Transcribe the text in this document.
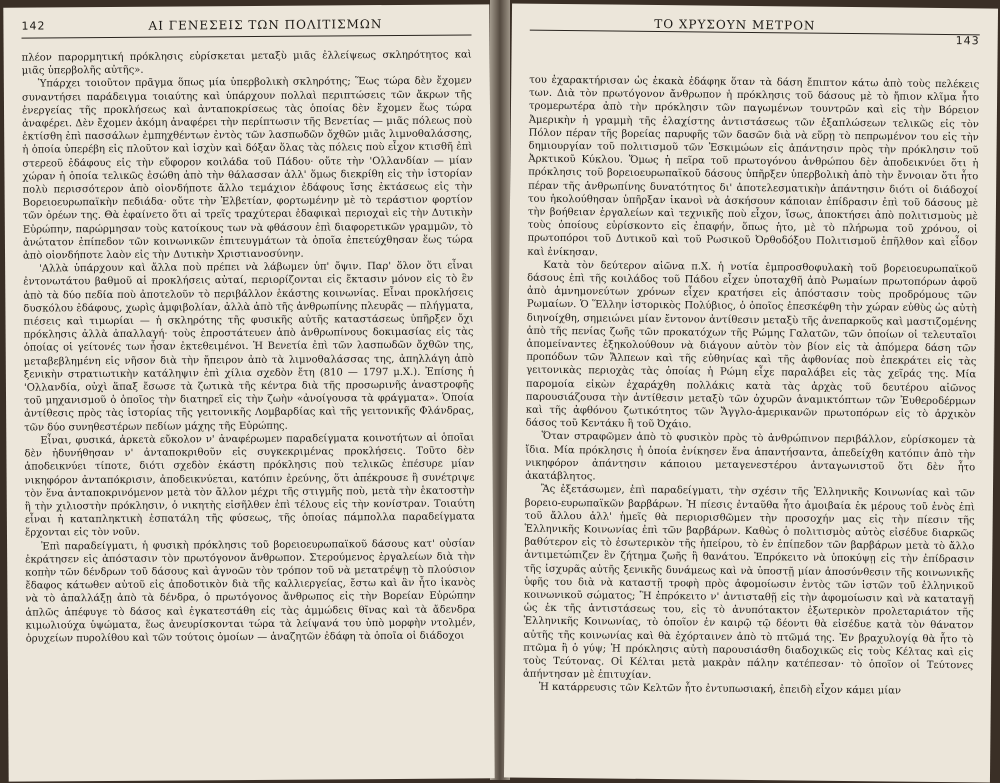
142	ΑΙ ΓΕΝΕΣΕΙΣ ΤΩΝ ΠΟΛΙΤΙΣΜΩΝ

πλέον παρορμητική πρόκλησις εὑρίσκεται μεταξὺ μιᾶς ἐλλείψεως σκληρότητος καὶ μιᾶς ὑπερβολῆς αὐτῆς».

Ὑπάρχει τοιοῦτον πρᾶγμα ὅπως μία ὑπερβολικὴ σκληρότης; Ἕως τώρα δὲν ἔχομεν συναντήσει παράδειγμα τοιαύτης καὶ ὑπάρχουν πολλαὶ περιπτώσεις τῶν ἄκρων τῆς ἐνεργείας τῆς προκλήσεως καὶ ἀνταποκρίσεως τὰς ὁποίας δὲν ἔχομεν ἕως τώρα ἀναφέρει. Δὲν ἔχομεν ἀκόμη ἀναφέρει τὴν περίπτωσιν τῆς Βενετίας — μιᾶς πόλεως ποὺ ἐκτίσθη ἐπὶ πασσάλων ἐμπηχθέντων ἐντὸς τῶν λασπωδῶν ὄχθῶν μιᾶς λιμνοθαλάσσης, ἡ ὁποία ὑπερέβη εἰς πλοῦτον καὶ ἰσχὺν καὶ δόξαν ὅλας τὰς πόλεις ποὺ εἶχον κτισθῆ ἐπὶ στερεοῦ ἐδάφους εἰς τὴν εὔφορον κοιλάδα τοῦ Πάδου· οὔτε τὴν 'Ολλανδίαν — μίαν χώραν ἡ ὁποία τελικῶς ἐσώθη ἀπὸ τὴν θάλασσαν ἀλλ' ὅμως διεκρίθη εἰς τὴν ἱστορίαν πολὺ περισσότερον ἀπὸ οἱονδήποτε ἄλλο τεμάχιον ἐδάφους ἴσης ἐκτάσεως εἰς τὴν Βορειοευρωπαϊκὴν πεδιάδα· οὔτε τὴν Ἑλβετίαν, φορτωμένην μὲ τὸ τεράστιον φορτίον τῶν ὀρέων της. Θὰ ἐφαίνετο ὅτι αἱ τρεῖς τραχύτεραι ἐδαφικαὶ περιοχαὶ εἰς τὴν Δυτικὴν Εὐρώπην, παρώρμησαν τοὺς κατοίκους των νὰ φθάσουν ἐπὶ διαφορετικῶν γραμμῶν, τὸ ἀνώτατον ἐπίπεδον τῶν κοινωνικῶν ἐπιτευγμάτων τὰ ὁποῖα ἐπετεύχθησαν ἕως τώρα ἀπὸ οἱονδήποτε λαὸν εἰς τὴν Δυτικὴν Χριστιανοσύνην.

'Αλλὰ ὑπάρχουν καὶ ἄλλα ποὺ πρέπει νὰ λάβωμεν ὑπ' ὄψιν. Παρ' ὅλον ὅτι εἶναι ἐντονωτάτου βαθμοῦ αἱ προκλήσεις αὐταί, περιορίζονται εἰς ἔκτασιν μόνον εἰς τὸ ἓν ἀπὸ τὰ δύο πεδία ποὺ ἀποτελοῦν τὸ περιβάλλον ἑκάστης κοινωνίας. Εἶναι προκλήσεις δυσκόλου ἐδάφους, χωρὶς ἀμφιβολίαν, ἀλλὰ ἀπὸ τῆς ἀνθρωπίνης πλευρᾶς — πλήγματα, πιέσεις καὶ τιμωρίαι — ἡ σκληρότης τῆς φυσικῆς αὐτῆς καταστάσεως ὑπῆρξεν ὄχι πρόκλησις ἀλλὰ ἀπαλλαγή· τοὺς ἐπροστάτευεν ἀπὸ ἀνθρωπίνους δοκιμασίας εἰς τὰς ὁποίας οἱ γείτονές των ἦσαν ἐκτεθειμένοι. Ἡ Βενετία ἐπὶ τῶν λασπωδῶν ὄχθῶν της, μεταβεβλημένη εἰς νῆσον διὰ τὴν ἤπειρον ἀπὸ τὰ λιμνοθαλάσσας της, ἀπηλλάγη ἀπὸ ξενικὴν στρατιωτικὴν κατάληψιν ἐπὶ χίλια σχεδὸν ἔτη (810 — 1797 μ.Χ.). Ἐπίσης ἡ 'Ολλανδία, οὐχὶ ἅπαξ ἔσωσε τὰ ζωτικὰ τῆς κέντρα διὰ τῆς προσωρινῆς ἀναστροφῆς τοῦ μηχανισμοῦ ὁ ὁποῖος τὴν διατηρεῖ εἰς τὴν ζωὴν «ἀνοίγουσα τὰ φράγματα». Ὁποία ἀντίθεσις πρὸς τὰς ἱστορίας τῆς γειτονικῆς Λομβαρδίας καὶ τῆς γειτονικῆς Φλάνδρας, τῶν δύο συνηθεστέρων πεδίων μάχης τῆς Εὐρώπης.

Εἶναι, φυσικά, ἀρκετὰ εὔκολον ν' ἀναφέρωμεν παραδείγματα κοινοτήτων αἱ ὁποῖαι δὲν ἠδυνήθησαν ν' ἀνταποκριθοῦν εἰς συγκεκριμένας προκλήσεις. Τοῦτο δὲν ἀποδεικνύει τίποτε, διότι σχεδὸν ἑκάστη πρόκλησις ποὺ τελικῶς ἐπέσυρε μίαν νικηφόρον ἀνταπόκρισιν, ἀποδεικνύεται, κατόπιν ἐρεύνης, ὅτι ἀπέκρουσε ἢ συνέτριψε τὸν ἕνα ἀνταποκρινόμενον μετὰ τὸν ἄλλον μέχρι τῆς στιγμῆς ποὺ, μετὰ τὴν ἑκατοστὴν ἢ τὴν χιλιοστὴν πρόκλησιν, ὁ νικητὴς εἰσῆλθεν ἐπὶ τέλους εἰς τὴν κονίστραν. Τοιαύτη εἶναι ἡ καταπληκτικὴ ἐσπατάλη τῆς φύσεως, τῆς ὁποίας πάμπολλα παραδείγματα ἔρχονται εἰς τὸν νοῦν.

Ἐπὶ παραδείγματι, ἡ φυσικὴ πρόκλησις τοῦ βορειοευρωπαϊκοῦ δάσους κατ' οὐσίαν ἐκράτησεν εἰς ἀπόστασιν τὸν πρωτόγονον ἄνθρωπον. Στερούμενος ἐργαλείων διὰ τὴν κοπὴν τῶν δένδρων τοῦ δάσους καὶ ἀγνοῶν τὸν τρόπον τοῦ νὰ μετατρέψῃ τὸ πλούσιον ἔδαφος κάτωθεν αὐτοῦ εἰς ἀποδοτικὸν διὰ τῆς καλλιεργείας, ἔστω καὶ ἂν ἦτο ἱκανὸς νὰ τὸ ἀπαλλάξῃ ἀπὸ τὰ δένδρα, ὁ πρωτόγονος ἄνθρωπος εἰς τὴν Βορείαν Εὐρώπην ἁπλῶς ἀπέφυγε τὸ δάσος καὶ ἐγκατεστάθη εἰς τὰς ἀμμώδεις θῖνας καὶ τὰ ἄδενδρα κιμωλιούχα ὑψώματα, ἕως ἀνευρίσκονται τώρα τὰ λείψανά του ὑπὸ μορφὴν ντολμέν, ὀρυχείων πυρολίθου καὶ τῶν τούτοις ὁμοίων — ἀναζητῶν ἐδάφη τὰ ὁποῖα οἱ διάδοχοι

ΤΟ ΧΡΥΣΟΥΝ ΜΕΤΡΟΝ
143

του ἐχαρακτήρισαν ὡς ἐκακὰ ἐδάφηκ ὅταν τὰ δάση ἔπιπτον κάτω ἀπὸ τοὺς πελέκεις των. Διὰ τὸν πρωτόγονον ἄνθρωπον ἡ πρόκλησις τοῦ δάσους μὲ τὸ ἤπιον κλῖμα ἦτο τρομερωτέρα ἀπὸ τὴν πρόκλησιν τῶν παγωμένων τουντρῶν καὶ εἰς τὴν Βόρειον Ἀμερικὴν ἡ γραμμὴ τῆς ἐλαχίστης ἀντιστάσεως τῶν ἐξαπλώσεων τελικῶς εἰς τὸν Πόλον πέραν τῆς βορείας παρυφῆς τῶν δασῶν διὰ νὰ εὕρῃ τὸ πεπρωμένον του εἰς τὴν δημιουργίαν τοῦ πολιτισμοῦ τῶν Ἐσκιμώων εἰς ἀπάντησιν πρὸς τὴν πρόκλησιν τοῦ Ἀρκτικοῦ Κύκλου. Ὅμως ἡ πεῖρα τοῦ πρωτογόνου ἀνθρώπου δὲν ἀποδεικνύει ὅτι ἡ πρόκλησις τοῦ βορειοευρωπαϊκοῦ δάσους ὑπῆρξεν ὑπερβολικὴ ἀπὸ τὴν ἔννοιαν ὅτι ἦτο πέραν τῆς ἀνθρωπίνης δυνατότητος δι' ἀποτελεσματικὴν ἀπάντησιν διότι οἱ διάδοχοί του ἠκολούθησαν ὑπῆρξαν ἱκανοὶ νὰ ἀσκήσουν κάποιαν ἐπίδρασιν ἐπὶ τοῦ δάσους μὲ τὴν βοήθειαν ἐργαλείων καὶ τεχνικῆς ποὺ εἶχον, ἴσως, ἀποκτήσει ἀπὸ πολιτισμοὺς μὲ τοὺς ὁποίους εὑρίσκοντο εἰς ἐπαφήν, ὅπως ἡτο, μὲ τὸ πλήρωμα τοῦ χρόνου, οἱ πρωτοπόροι τοῦ Δυτικοῦ καὶ τοῦ Ρωσικοῦ Ὀρθοδόξου Πολιτισμοῦ ἐπῆλθον καὶ εἶδον καὶ ἐνίκησαν.

Κατὰ τὸν δεύτερον αἰῶνα π.Χ. ἡ νοτία ἐμπροσθοφυλακὴ τοῦ βορειοευρωπαϊκοῦ δάσους ἐπὶ τῆς κοιλάδος τοῦ Πάδου εἶχεν ὑποταχθῆ ἀπὸ Ρωμαίων πρωτοπόρων ἀφοῦ ἀπὸ ἀμνημονεύτων χρόνων εἶχεν κρατήσει εἰς ἀπόστασιν τοὺς προδρόμους τῶν Ρωμαίων. Ὁ Ἕλλην ἱστορικὸς Πολύβιος, ὁ ὁποῖος ἐπεσκέφθη τὴν χώραν εὐθὺς ὡς αὐτὴ διηνοίχθη, σημειώνει μίαν ἔντονον ἀντίθεσιν μεταξὺ τῆς ἀνεπαρκοῦς καὶ μαστιζομένης ἀπὸ τῆς πενίας ζωῆς τῶν προκατόχων τῆς Ρώμης Γαλατῶν, τῶν ὁποίων οἱ τελευταῖοι ἀπομείναντες ἐξηκολούθουν νὰ διάγουν αὐτὸν τὸν βίον εἰς τὰ ἀπόμερα δάση τῶν προπόδων τῶν Ἄλπεων καὶ τῆς εὐθηνίας καὶ τῆς ἀφθονίας ποὺ ἐπεκράτει εἰς τὰς γειτονικὰς περιοχὰς τὰς ὁποίας ἡ Ρώμη εἶχε παραλάβει εἰς τὰς χεῖράς της. Μία παρομοία εἰκὼν ἐχαράχθη πολλάκις κατὰ τὰς ἀρχὰς τοῦ δευτέρου αἰῶνος παρουσιάζουσα τὴν ἀντίθεσιν μεταξὺ τῶν ὀχυρῶν ἀναμικτόπτων τῶν Ἐυθεροδέρμων καὶ τῆς ἀφθόνου ζωτικότητος τῶν Ἄγγλο-ἀμερικανῶν πρωτοπόρων εἰς τὸ ἀρχικὸν δάσος τοῦ Κεντάκυ ἢ τοῦ Ὀχάιο.

Ὅταν στραφῶμεν ἀπὸ τὸ φυσικὸν πρὸς τὸ ἀνθρώπινον περιβάλλον, εὑρίσκομεν τὰ ἴδια. Μία πρόκλησις ἡ ὁποία ἐνίκησεν ἕνα ἀπαντήσαντα, ἀπεδείχθη κατόπιν ἀπὸ τὴν νικηφόρον ἀπάντησιν κάποιου μεταγενεστέρου ἀνταγωνιστοῦ ὅτι δὲν ἦτο ἀκατάβλητος.

Ἂς ἐξετάσωμεν, ἐπὶ παραδείγματι, τὴν σχέσιν τῆς Ἑλληνικῆς Κοινωνίας καὶ τῶν βορειο-ευρωπαϊκῶν βαρβάρων. Ἡ πίεσις ἐνταῦθα ἦτο ἀμοιβαία ἐκ μέρους τοῦ ἑνὸς ἐπὶ τοῦ ἄλλου ἀλλ' ἡμεῖς θὰ περιορισθῶμεν τὴν προσοχήν μας εἰς τὴν πίεσιν τῆς Ἑλληνικῆς Κοινωνίας ἐπὶ τῶν βαρβάρων. Καθὼς ὁ πολιτισμὸς αὐτὸς εἰσέδυε διαρκῶς βαθύτερον εἰς τὸ ἐσωτερικὸν τῆς ἠπείρου, τὸ ἐν ἐπίπεδον τῶν βαρβάρων μετὰ τὸ ἄλλο ἀντιμετώπιζεν ἓν ζήτημα ζωῆς ἢ θανάτου. Ἐπρόκειτο νὰ ὑποκύψῃ εἰς τὴν ἐπίδρασιν τῆς ἰσχυρᾶς αὐτῆς ξενικῆς δυνάμεως καὶ νὰ ὑποστῇ μίαν ἀποσύνθεσιν τῆς κοινωνικῆς ὑφῆς του διὰ νὰ καταστῇ τροφὴ πρὸς ἀφομοίωσιν ἐντὸς τῶν ἱστῶν τοῦ ἑλληνικοῦ κοινωνικοῦ σώματος; Ἢ ἐπρόκειτο ν' ἀντισταθῇ εἰς τὴν ἀφομοίωσιν καὶ νὰ καταταγῇ ὡς ἐκ τῆς ἀντιστάσεως του, εἰς τὸ ἀνυπότακτον ἐξωτερικὸν προλεταριάτον τῆς Ἑλληνικῆς Κοινωνίας, τὸ ὁποῖον ἐν καιρῷ τῷ δέοντι θὰ εἰσέδυε κατὰ τὸν θάνατον αὐτῆς τῆς κοινωνίας καὶ θὰ ἐχόρταινεν ἀπὸ τὸ πτῶμά της. Ἐν βραχυλογίᾳ θὰ ἦτο τὸ πτῶμα ἢ ὁ γύψ; Ἡ πρόκλησις αὐτὴ παρουσιάσθη διαδοχικῶς εἰς τοὺς Κέλτας καὶ εἰς τοὺς Τεύτονας. Οἱ Κέλται μετὰ μακρὰν πάλην κατέπεσαν· τὸ ὁποῖον οἱ Τεύτονες ἀπήντησαν μὲ ἐπιτυχίαν.

Ἡ κατάρρευσις τῶν Κελτῶν ἦτο ἐντυπωσιακή, ἐπειδὴ εἶχον κάμει μίαν
